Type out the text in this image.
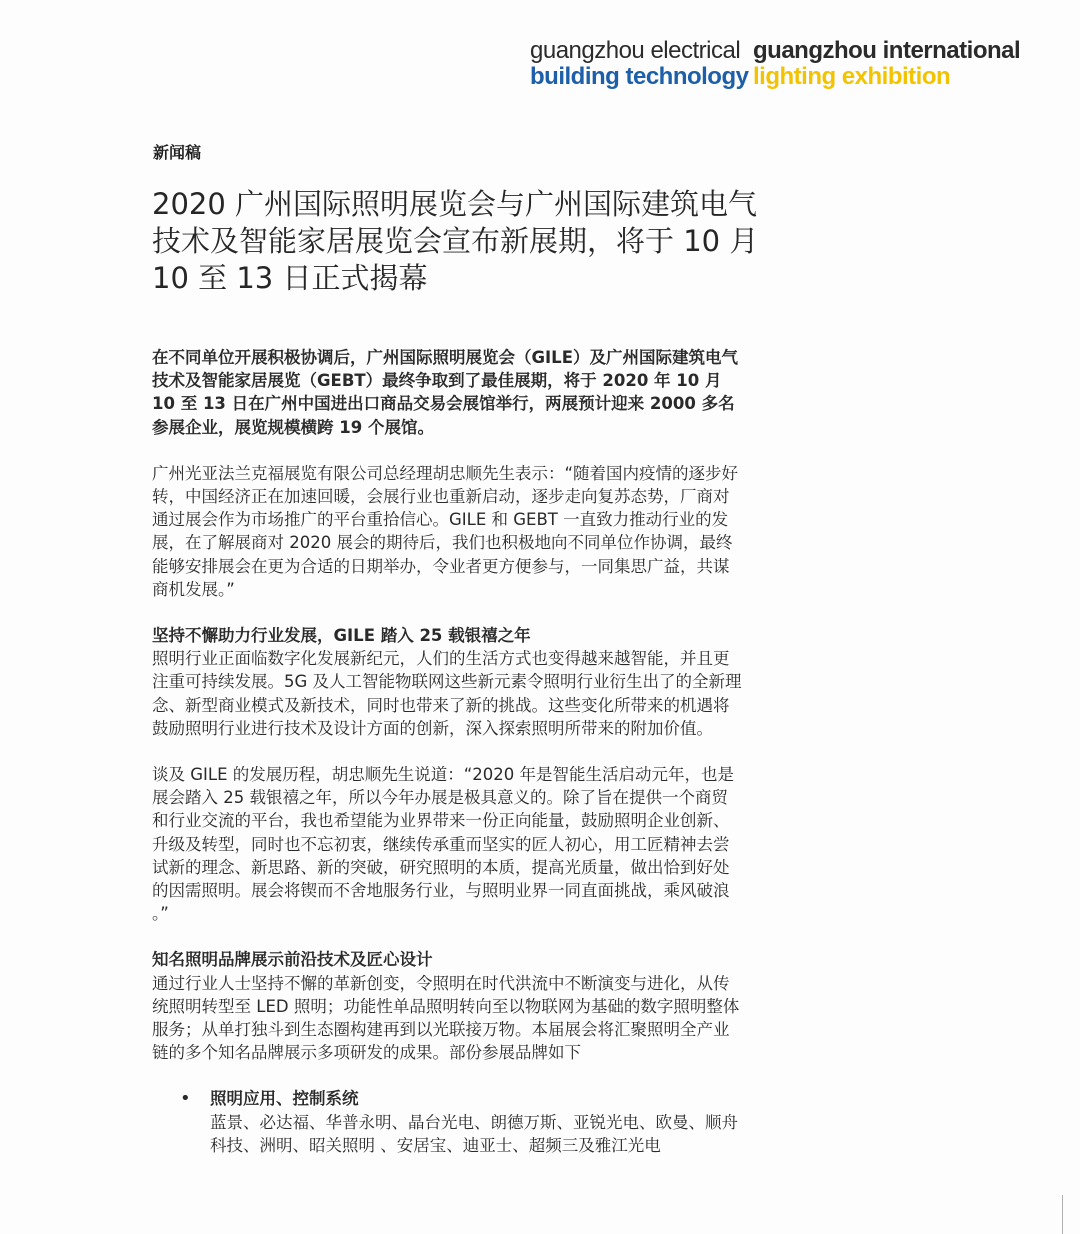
guangzhou electrical
building technology
guangzhou international
lighting exhibition
新闻稿
2020 广州国际照明展览会与广州国际建筑电气技术及智能家居展览会宣布新展期，将于 10 月 10 至 13 日正式揭幕

在不同单位开展积极协调后，广州国际照明展览会（GILE）及广州国际建筑电气技术及智能家居展览（GEBT）最终争取到了最佳展期，将于 2020 年 10 月 10 至 13 日在广州中国进出口商品交易会展馆举行，两展预计迎来 2000 多名参展企业，展览规模横跨 19 个展馆。

广州光亚法兰克福展览有限公司总经理胡忠顺先生表示：“随着国内疫情的逐步好转，中国经济正在加速回暖，会展行业也重新启动，逐步走向复苏态势，厂商对通过展会作为市场推广的平台重拾信心。GILE 和 GEBT 一直致力推动行业的发展，在了解展商对 2020 展会的期待后，我们也积极地向不同单位作协调，最终能够安排展会在更为合适的日期举办，令业者更方便参与，一同集思广益，共谋商机发展。”

坚持不懈助力行业发展，GILE 踏入 25 载银禧之年

照明行业正面临数字化发展新纪元，人们的生活方式也变得越来越智能，并且更注重可持续发展。5G 及人工智能物联网这些新元素令照明行业衍生出了的全新理念、新型商业模式及新技术，同时也带来了新的挑战。这些变化所带来的机遇将鼓励照明行业进行技术及设计方面的创新，深入探索照明所带来的附加价值。

谈及 GILE 的发展历程，胡忠顺先生说道：“2020 年是智能生活启动元年，也是展会踏入 25 载银禧之年，所以今年办展是极具意义的。除了旨在提供一个商贸和行业交流的平台，我也希望能为业界带来一份正向能量，鼓励照明企业创新、升级及转型，同时也不忘初衷，继续传承重而坚实的匠人初心，用工匠精神去尝试新的理念、新思路、新的突破，研究照明的本质，提高光质量，做出恰到好处的因需照明。展会将锲而不舍地服务行业，与照明业界一同直面挑战，乘风破浪 。”

知名照明品牌展示前沿技术及匠心设计

通过行业人士坚持不懈的革新创变，令照明在时代洪流中不断演变与进化，从传统照明转型至 LED 照明；功能性单品照明转向至以物联网为基础的数字照明整体服务；从单打独斗到生态圈构建再到以光联接万物。本届展会将汇聚照明全产业链的多个知名品牌展示多项研发的成果。部份参展品牌如下

• 照明应用、控制系统

蓝景、必达福、华普永明、晶台光电、朗德万斯、亚锐光电、欧曼、顺舟科技、洲明、昭关照明 、安居宝、迪亚士、超频三及雅江光电
